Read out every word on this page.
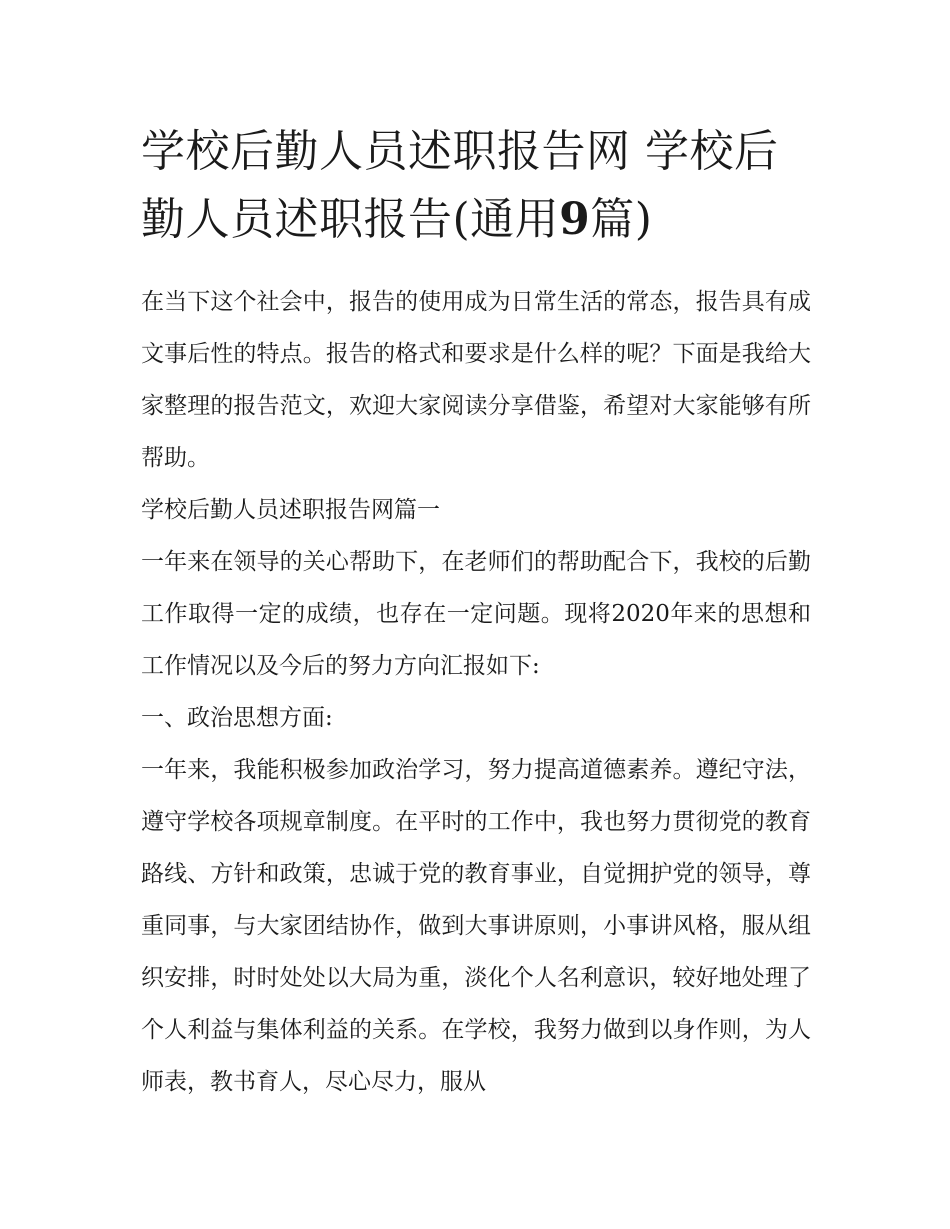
学校后勤人员述职报告网 学校后勤人员述职报告(通用9篇)

在当下这个社会中，报告的使用成为日常生活的常态，报告具有成文事后性的特点。报告的格式和要求是什么样的呢？下面是我给大家整理的报告范文，欢迎大家阅读分享借鉴，希望对大家能够有所帮助。

学校后勤人员述职报告网篇一

一年来在领导的关心帮助下，在老师们的帮助配合下，我校的后勤工作取得一定的成绩，也存在一定问题。现将2020年来的思想和工作情况以及今后的努力方向汇报如下:

一、政治思想方面:

一年来，我能积极参加政治学习，努力提高道德素养。遵纪守法，遵守学校各项规章制度。在平时的工作中，我也努力贯彻党的教育路线、方针和政策，忠诚于党的教育事业，自觉拥护党的领导，尊重同事，与大家团结协作，做到大事讲原则，小事讲风格，服从组织安排，时时处处以大局为重，淡化个人名利意识，较好地处理了个人利益与集体利益的关系。在学校，我努力做到以身作则，为人师表，教书育人，尽心尽力，服从
